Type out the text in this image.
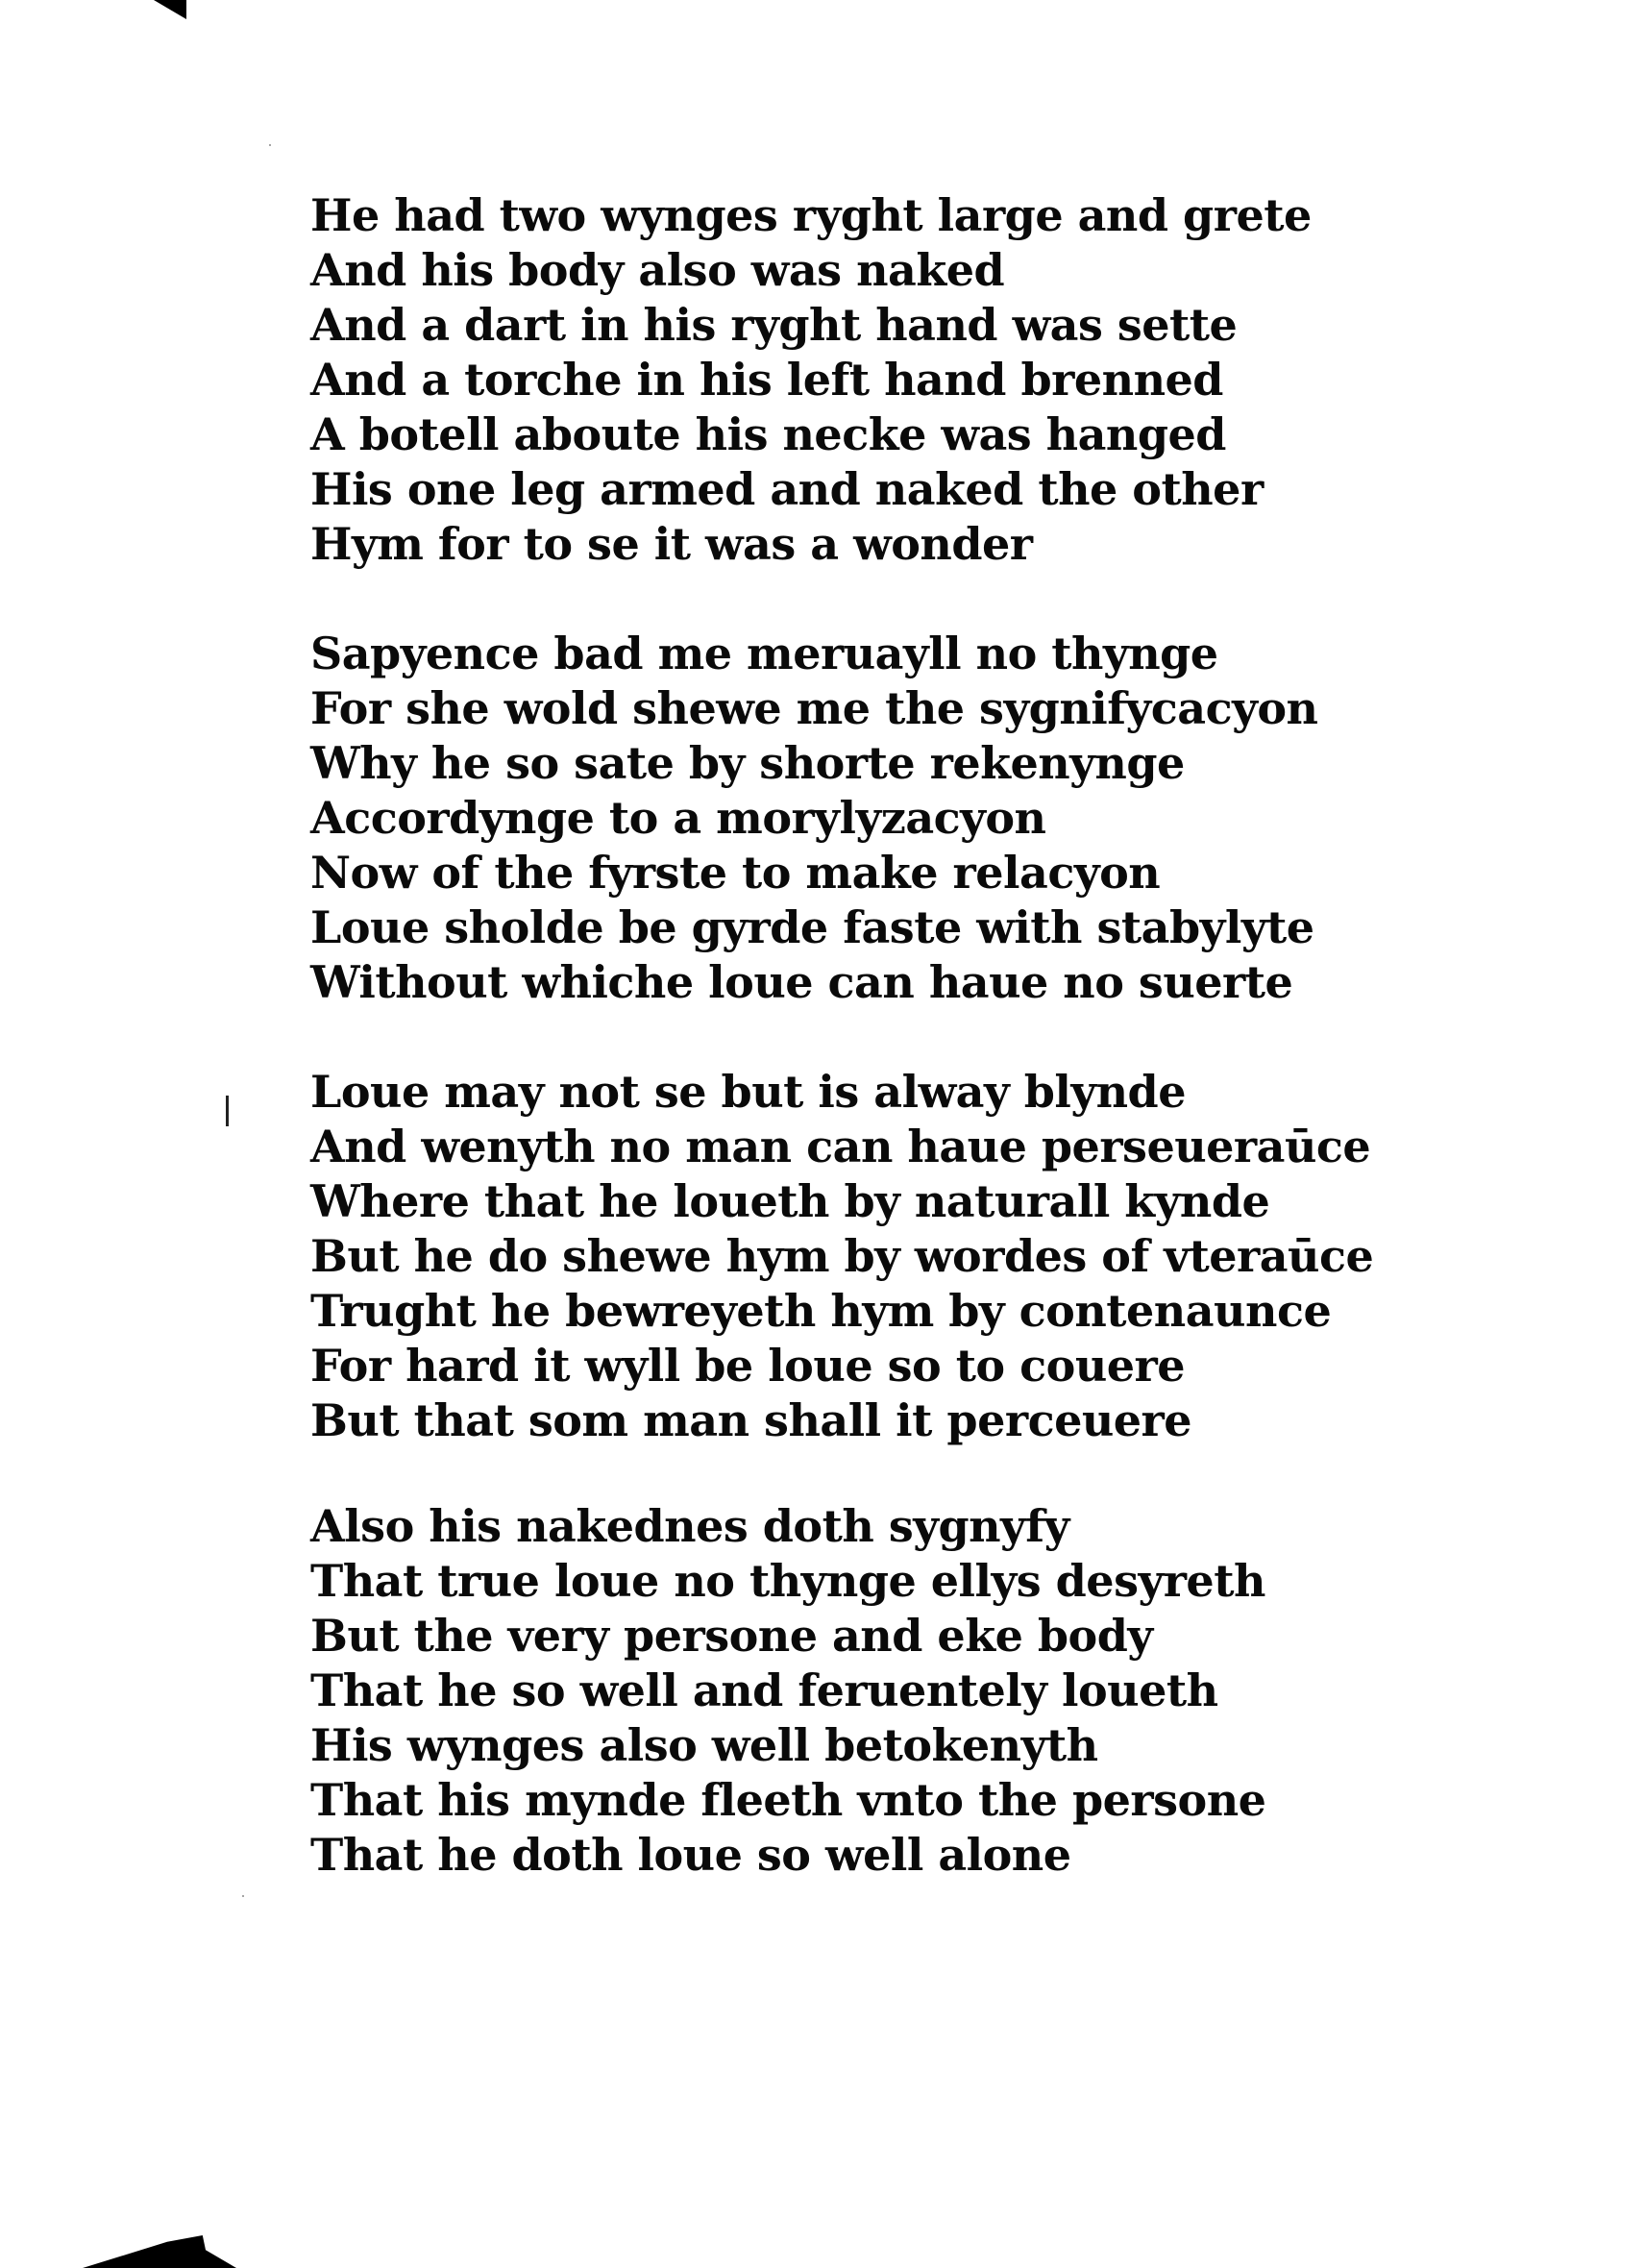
He had two wynges ryght large and grete
And his body also was naked
And a dart in his ryght hand was sette
And a torche in his left hand brenned
A botell aboute his necke was hanged
His one leg armed and naked the other
Hym for to se it was a wonder
Sapyence bad me meruayll no thynge
For she wold shewe me the sygnifycacyon
Why he so sate by shorte rekenynge
Accordynge to a morylyzacyon
Now of the fyrste to make relacyon
Loue sholde be gyrde faste with stabylyte
Without whiche loue can haue no suerte
Loue may not se but is alway blynde
And wenyth no man can haue perseueraūce
Where that he loueth by naturall kynde
But he do shewe hym by wordes of vteraūce
Trught he bewreyeth hym by contenaunce
For hard it wyll be loue so to couere
But that som man shall it perceuere
Also his nakednes doth sygnyfy
That true loue no thynge ellys desyreth
But the very persone and eke body
That he so well and feruentely loueth
His wynges also well betokenyth
That his mynde fleeth vnto the persone
That he doth loue so well alone
